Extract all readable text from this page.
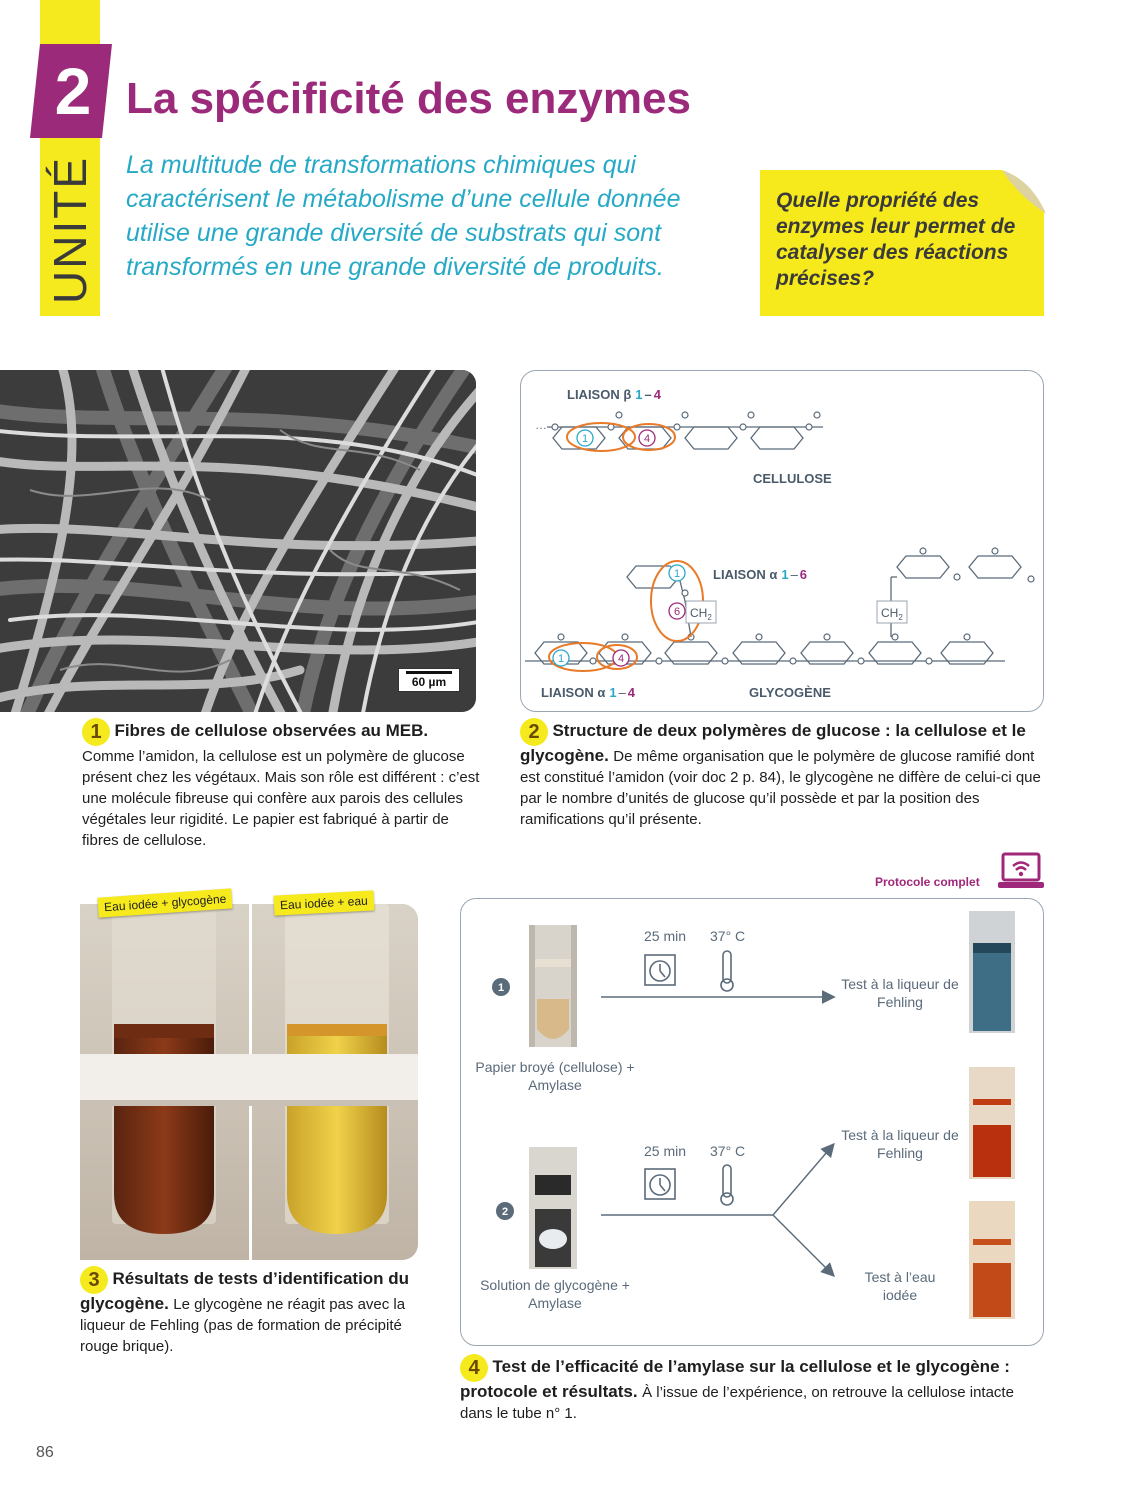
UNITÉ
2 La spécificité des enzymes
La multitude de transformations chimiques qui caractérisent le métabolisme d’une cellule donnée utilise une grande diversité de substrats qui sont transformés en une grande diversité de produits.
Quelle propriété des enzymes leur permet de catalyser des réactions précises?
60 µm
1 Fibres de cellulose observées au MEB.
Comme l’amidon, la cellulose est un polymère de glucose présent chez les végétaux. Mais son rôle est différent : c’est une molécule fibreuse qui confère aux parois des cellules végétales leur rigidité. Le papier est fabriqué à partir de fibres de cellulose.
…
1	4
LIAISON β 1 – 4
CELLULOSE
1
6 $CH_2$	$CH_2$
1	4
LIAISON α 1 – 6
LIAISON α 1 – 4	GLYCOGÈNE
2 Structure de deux polymères de glucose : la cellulose et le glycogène. De même organisation que le polymère de glucose ramifié dont est constitué l’amidon (voir doc 2 p. 84), le glycogène ne diffère de celui-ci que par le nombre d’unités de glucose qu’il possède et par la position des ramifications qu’il présente.
Eau iodée + glycogène	Eau iodée + eau
3 Résultats de tests d’identification du glycogène. Le glycogène ne réagit pas avec la liqueur de Fehling (pas de formation de précipité rouge brique).
Protocole complet
1
2
25 min 37° C
25 min 37° C
Papier broyé (cellulose) + Amylase
Solution de glycogène + Amylase
Test à la liqueur de Fehling
Test à la liqueur de Fehling
Test à l’eau iodée
4 Test de l’efficacité de l’amylase sur la cellulose et le glycogène : protocole et résultats. À l’issue de l’expérience, on retrouve la cellulose intacte dans le tube n° 1.
86
